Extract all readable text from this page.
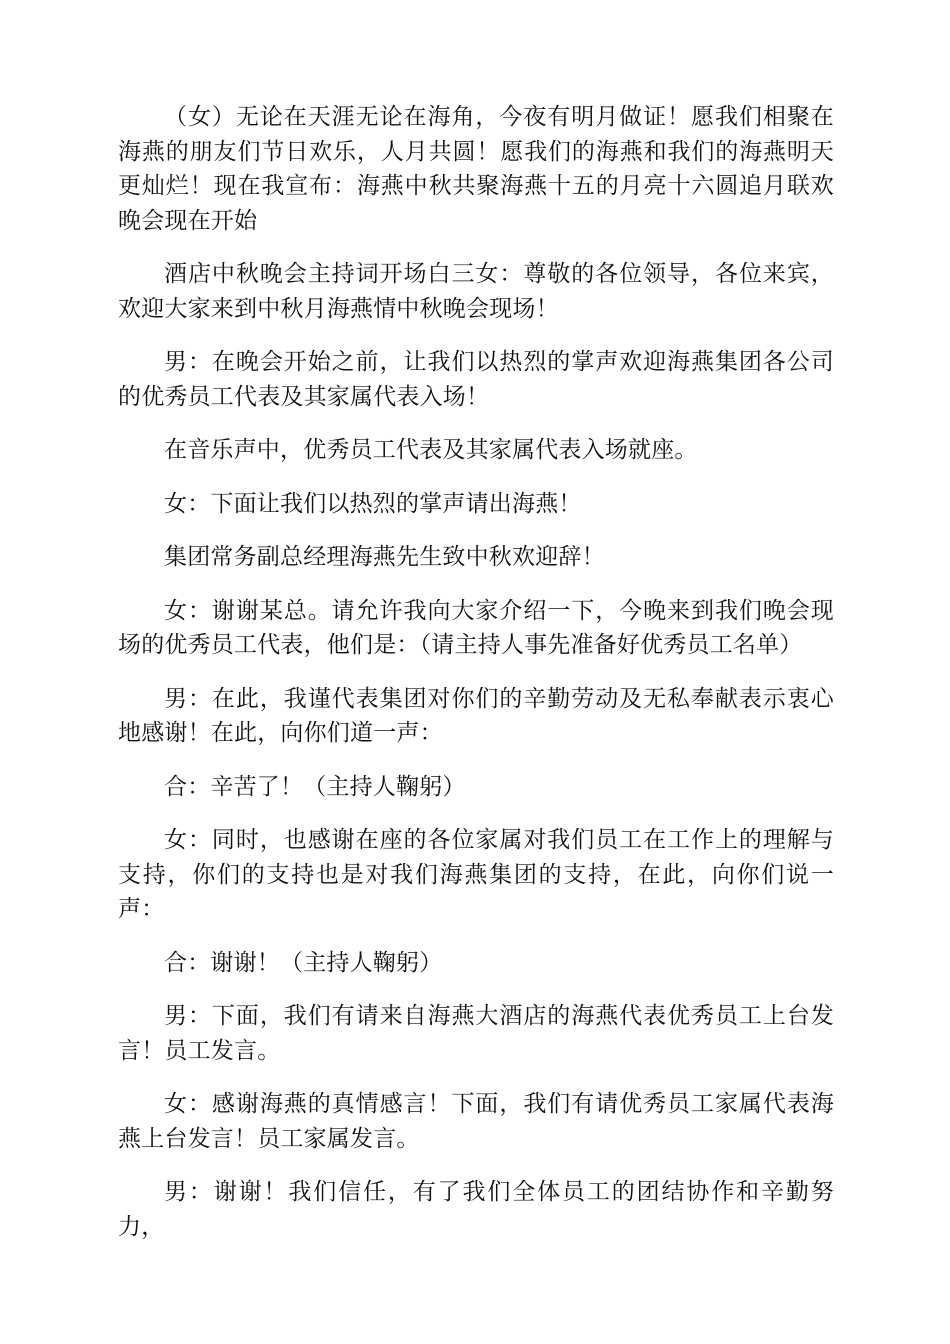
（女）无论在天涯无论在海角，今夜有明月做证！愿我们相聚在海燕的朋友们节日欢乐，人月共圆！愿我们的海燕和我们的海燕明天更灿烂！现在我宣布：海燕中秋共聚海燕十五的月亮十六圆追月联欢晚会现在开始

酒店中秋晚会主持词开场白三女：尊敬的各位领导，各位来宾，欢迎大家来到中秋月海燕情中秋晚会现场！

男：在晚会开始之前，让我们以热烈的掌声欢迎海燕集团各公司的优秀员工代表及其家属代表入场！

在音乐声中，优秀员工代表及其家属代表入场就座。

女：下面让我们以热烈的掌声请出海燕！

集团常务副总经理海燕先生致中秋欢迎辞！

女：谢谢某总。请允许我向大家介绍一下，今晚来到我们晚会现场的优秀员工代表，他们是：（请主持人事先准备好优秀员工名单）

男：在此，我谨代表集团对你们的辛勤劳动及无私奉献表示衷心地感谢！在此，向你们道一声：

合：辛苦了！（主持人鞠躬）

女：同时，也感谢在座的各位家属对我们员工在工作上的理解与支持，你们的支持也是对我们海燕集团的支持，在此，向你们说一声：

合：谢谢！（主持人鞠躬）

男：下面，我们有请来自海燕大酒店的海燕代表优秀员工上台发言！员工发言。

女：感谢海燕的真情感言！下面，我们有请优秀员工家属代表海燕上台发言！员工家属发言。

男：谢谢！我们信任，有了我们全体员工的团结协作和辛勤努力，
